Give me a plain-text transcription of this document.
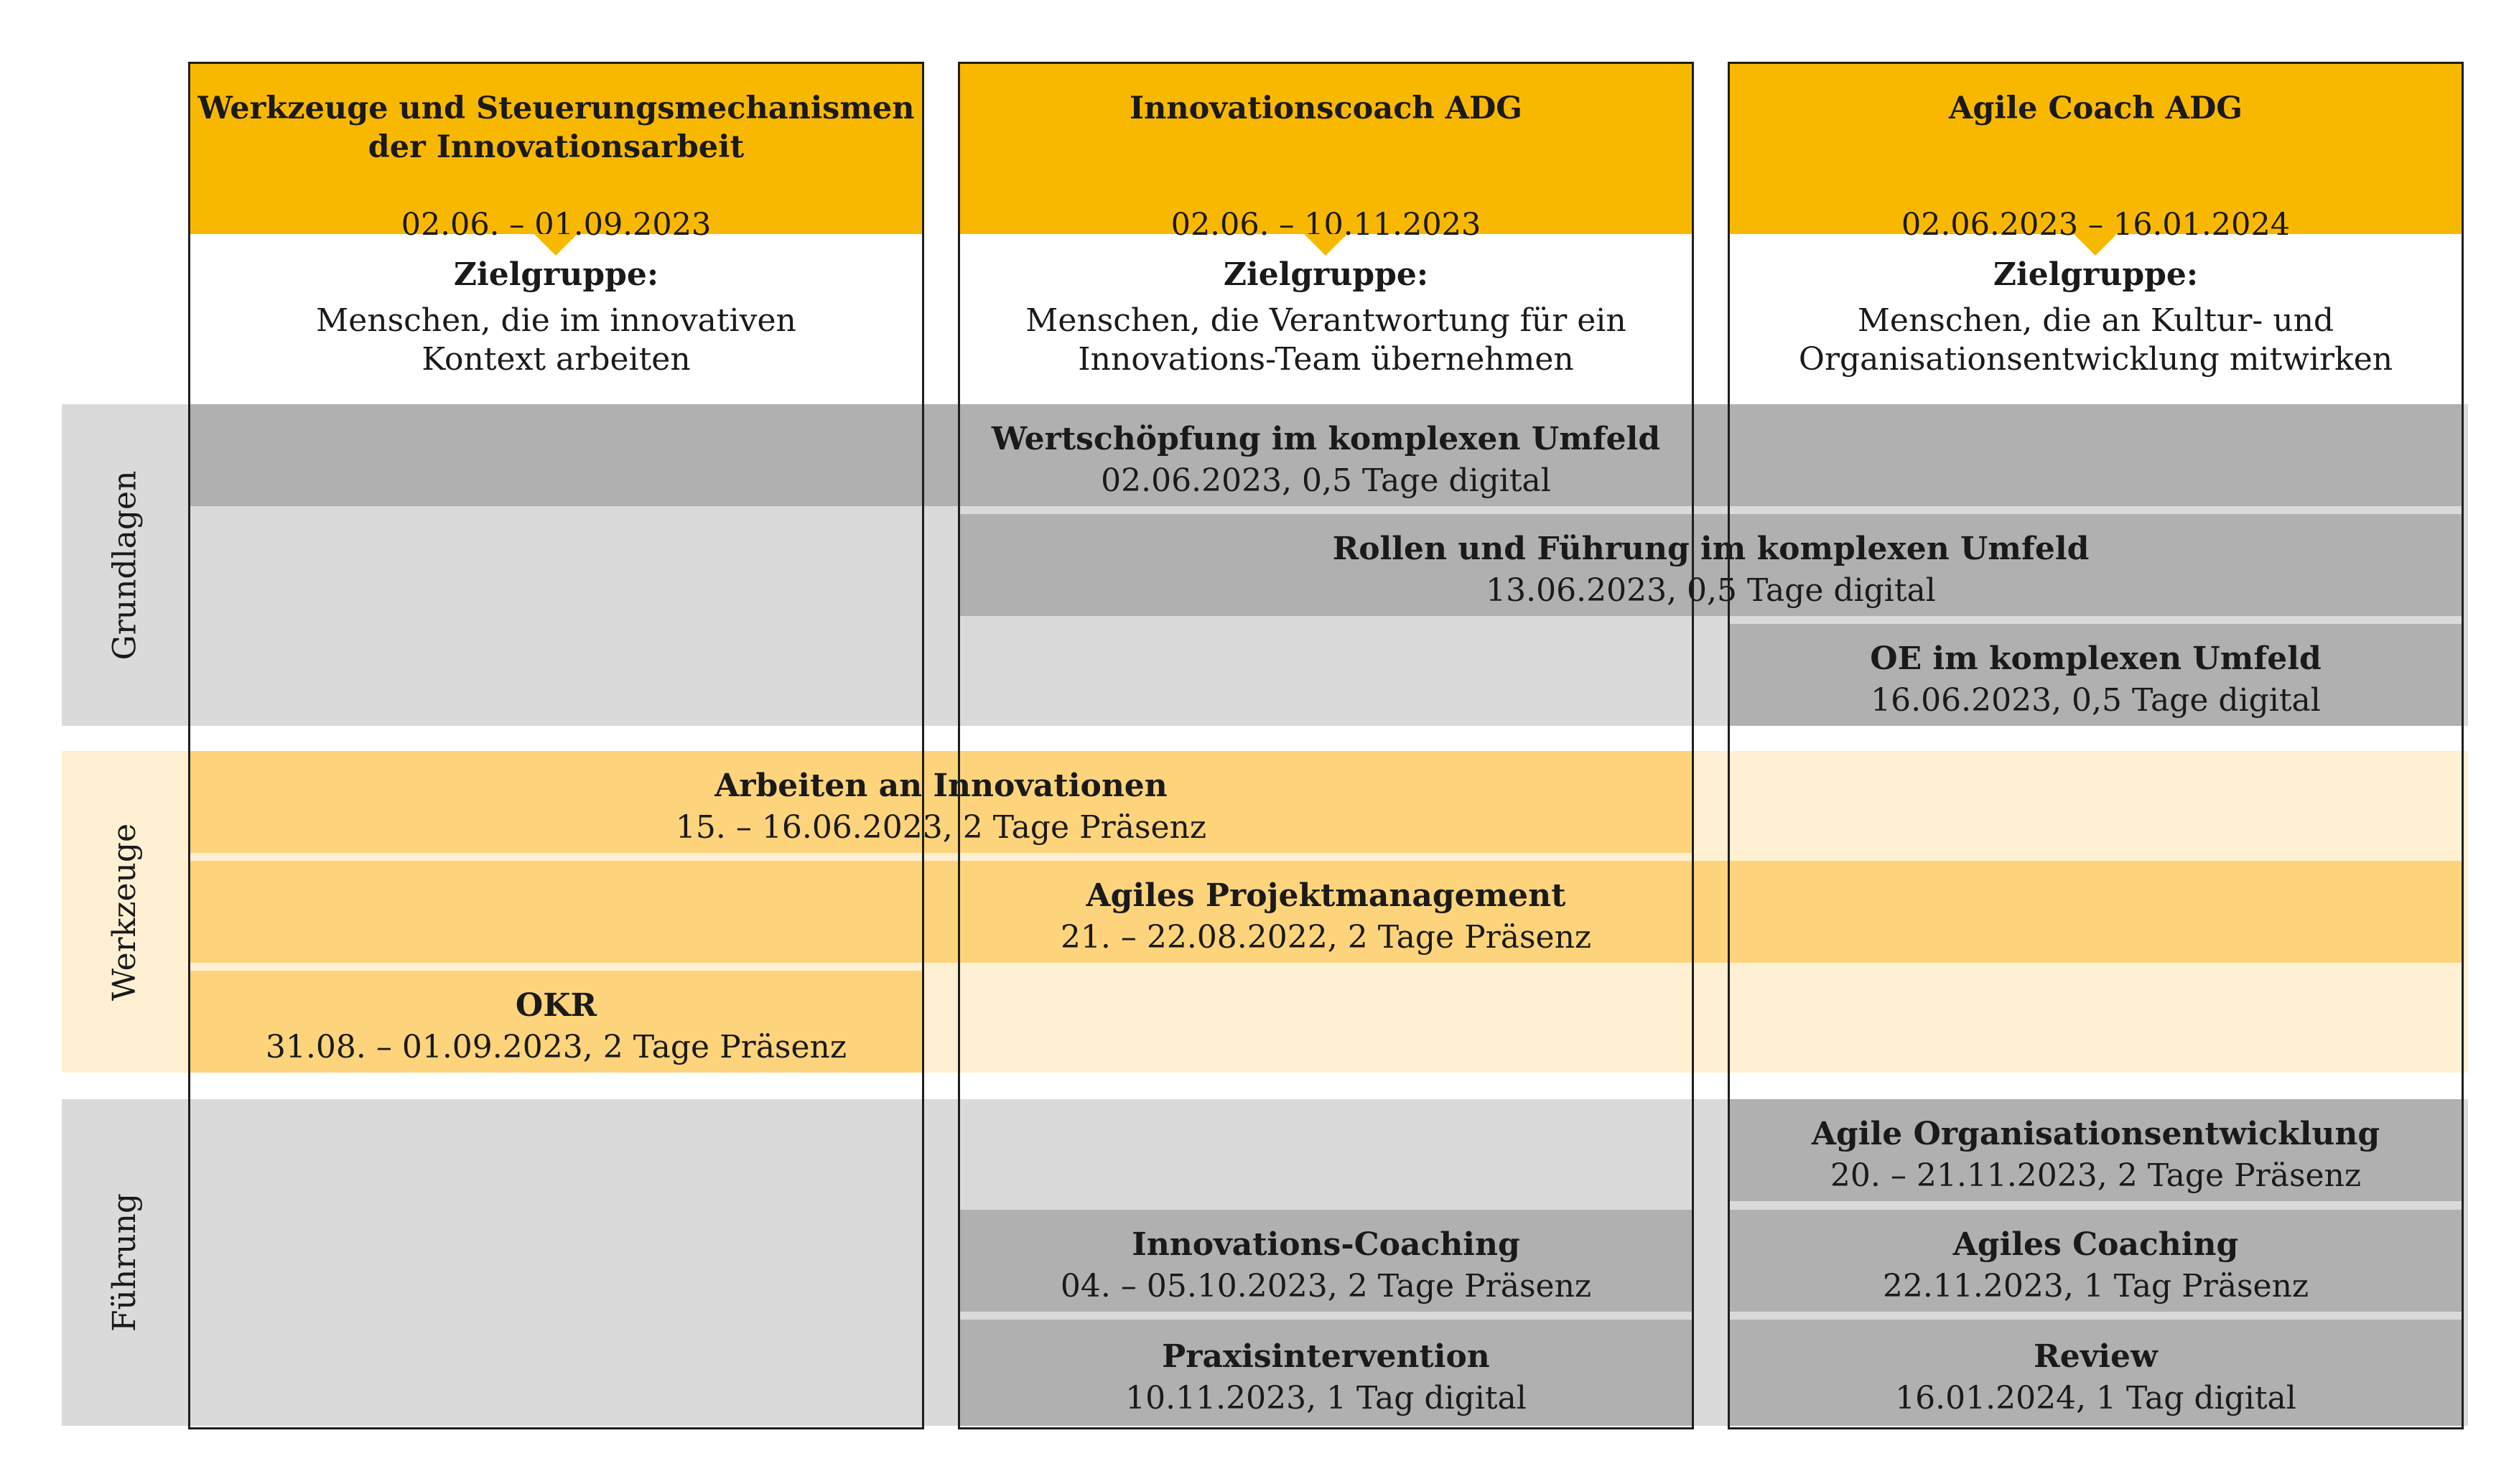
Grundlagen
Werkzeuge
Führung
Werkzeuge und Steuerungsmechanismen
der Innovationsarbeit
02.06. – 01.09.2023
Innovationscoach ADG
02.06. – 10.11.2023
Agile Coach ADG
02.06.2023 – 16.01.2024
Zielgruppe:
Menschen, die im innovativen
Kontext arbeiten
Zielgruppe:
Menschen, die Verantwortung für ein
Innovations-Team übernehmen
Zielgruppe:
Menschen, die an Kultur- und
Organisationsentwicklung mitwirken
Wertschöpfung im komplexen Umfeld
02.06.2023, 0,5 Tage digital
Rollen und Führung im komplexen Umfeld
13.06.2023, 0,5 Tage digital
OE im komplexen Umfeld
16.06.2023, 0,5 Tage digital
Arbeiten an Innovationen
15. – 16.06.2023, 2 Tage Präsenz
Agiles Projektmanagement
21. – 22.08.2022, 2 Tage Präsenz
OKR
31.08. – 01.09.2023, 2 Tage Präsenz
Agile Organisationsentwicklung
20. – 21.11.2023, 2 Tage Präsenz
Innovations-Coaching
04. – 05.10.2023, 2 Tage Präsenz
Agiles Coaching
22.11.2023, 1 Tag Präsenz
Praxisintervention
10.11.2023, 1 Tag digital
Review
16.01.2024, 1 Tag digital
